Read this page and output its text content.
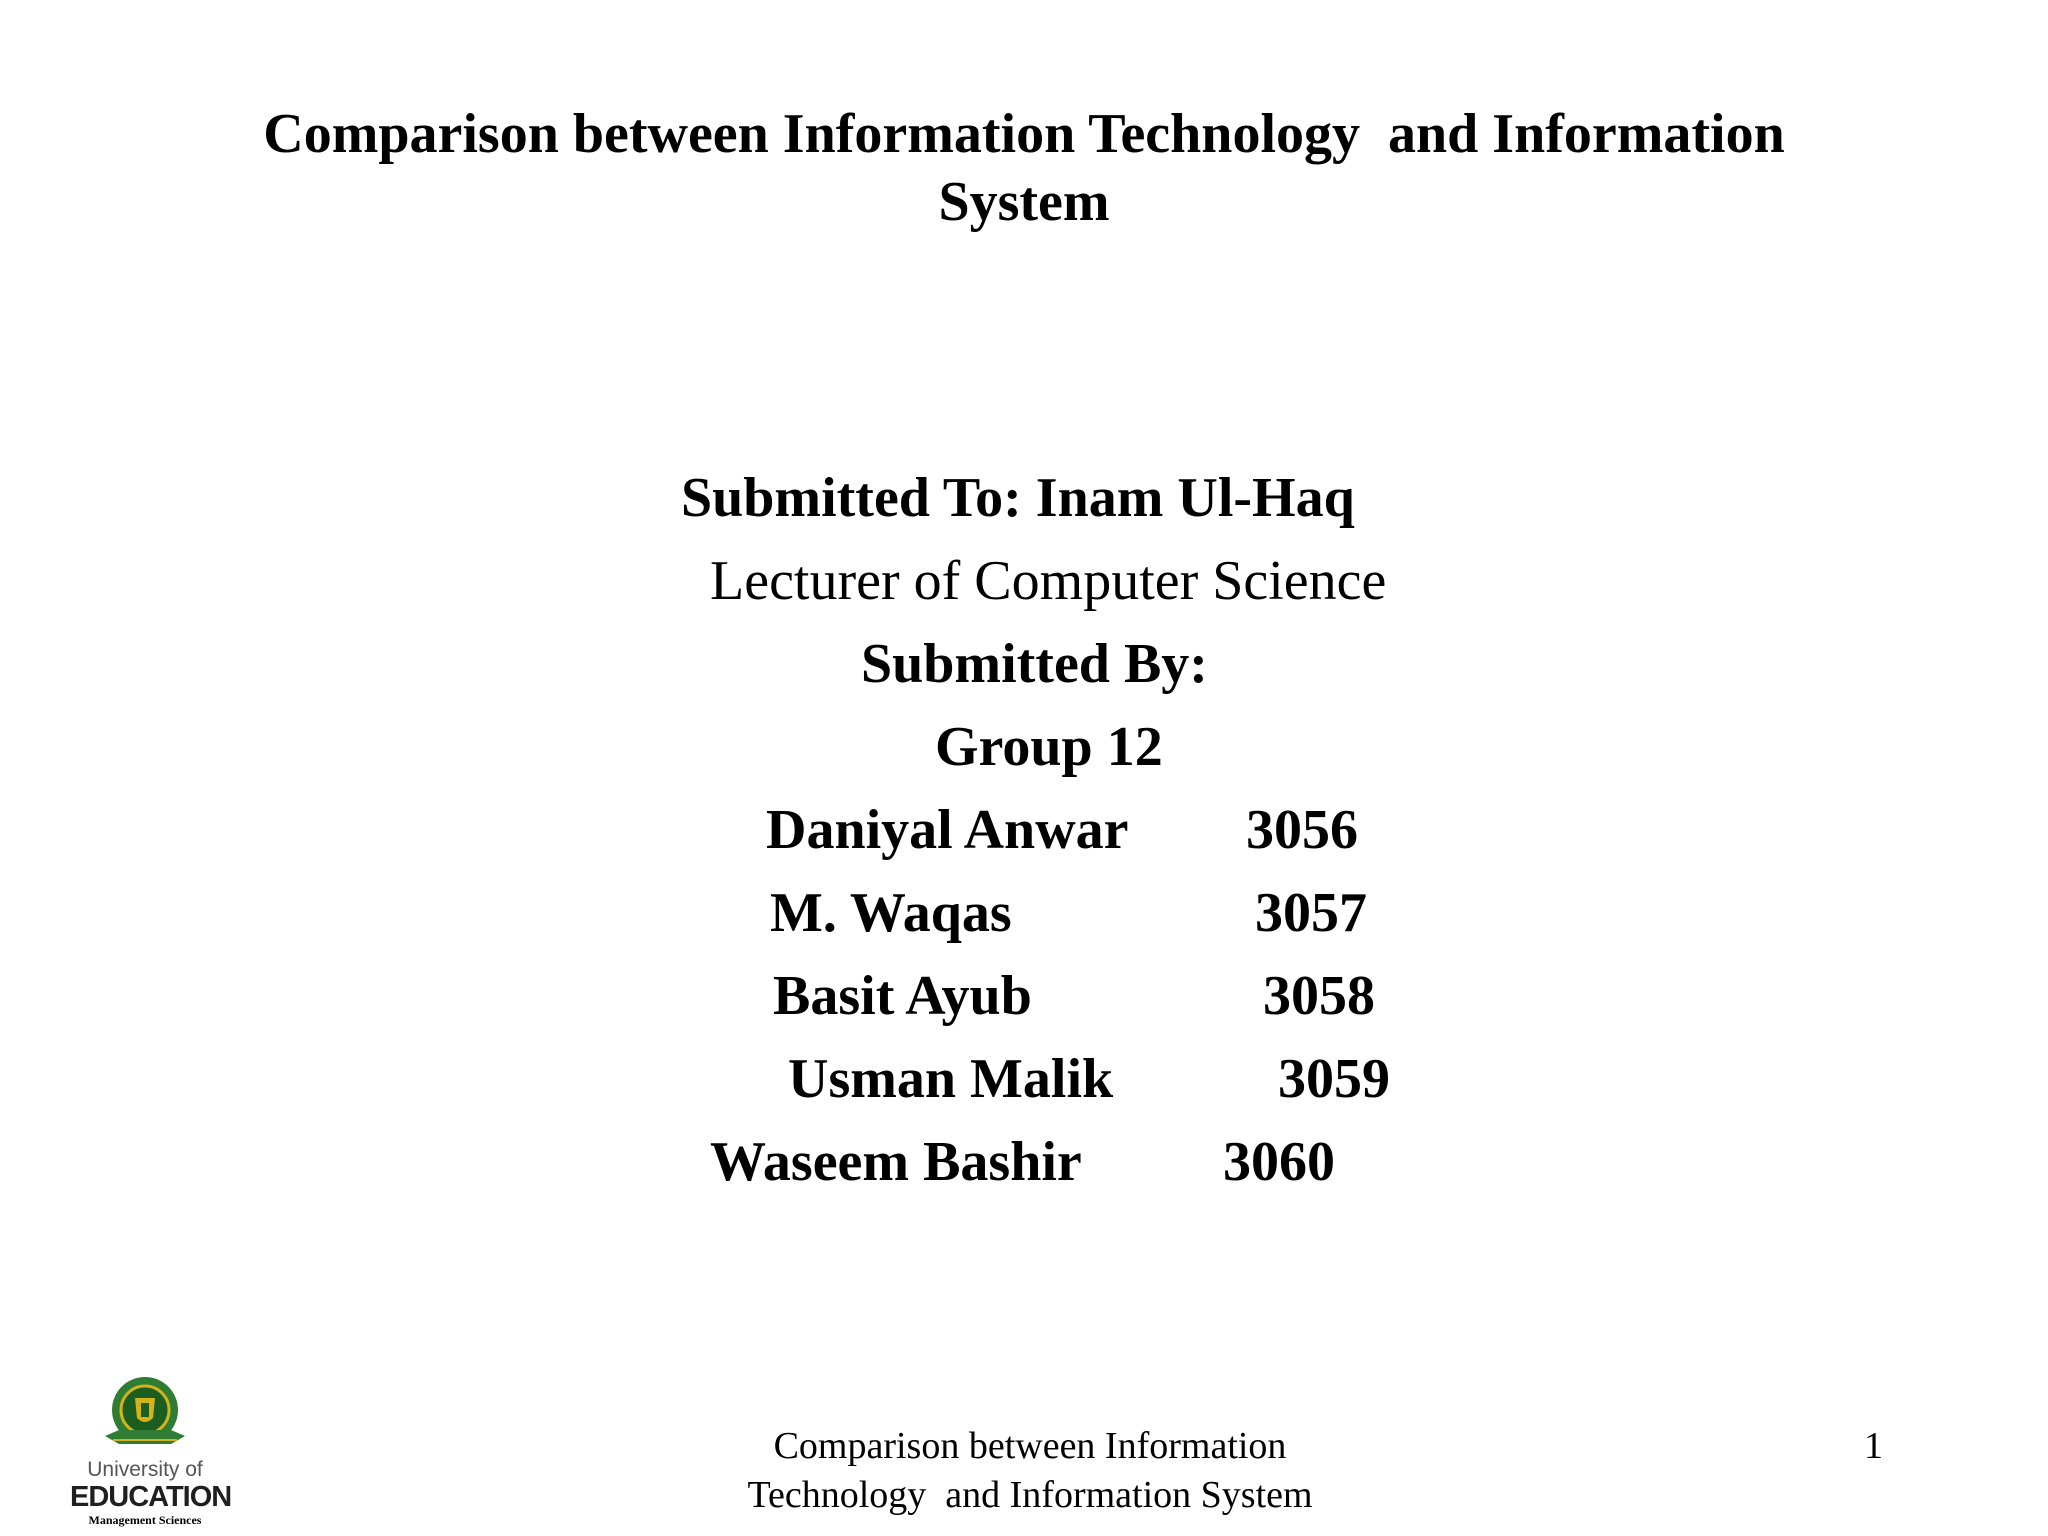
Comparison between Information Technology  and Information
System
Submitted To: Inam Ul-Haq
Lecturer of Computer Science
Submitted By:
Group 12
Daniyal Anwar 3056
M. Waqas	3057
Basit Ayub	3058
Usman Malik	3059
Waseem Bashir	3060
University of
EDUCATION
Management Sciences
Comparison between Information
Technology  and Information System
1
